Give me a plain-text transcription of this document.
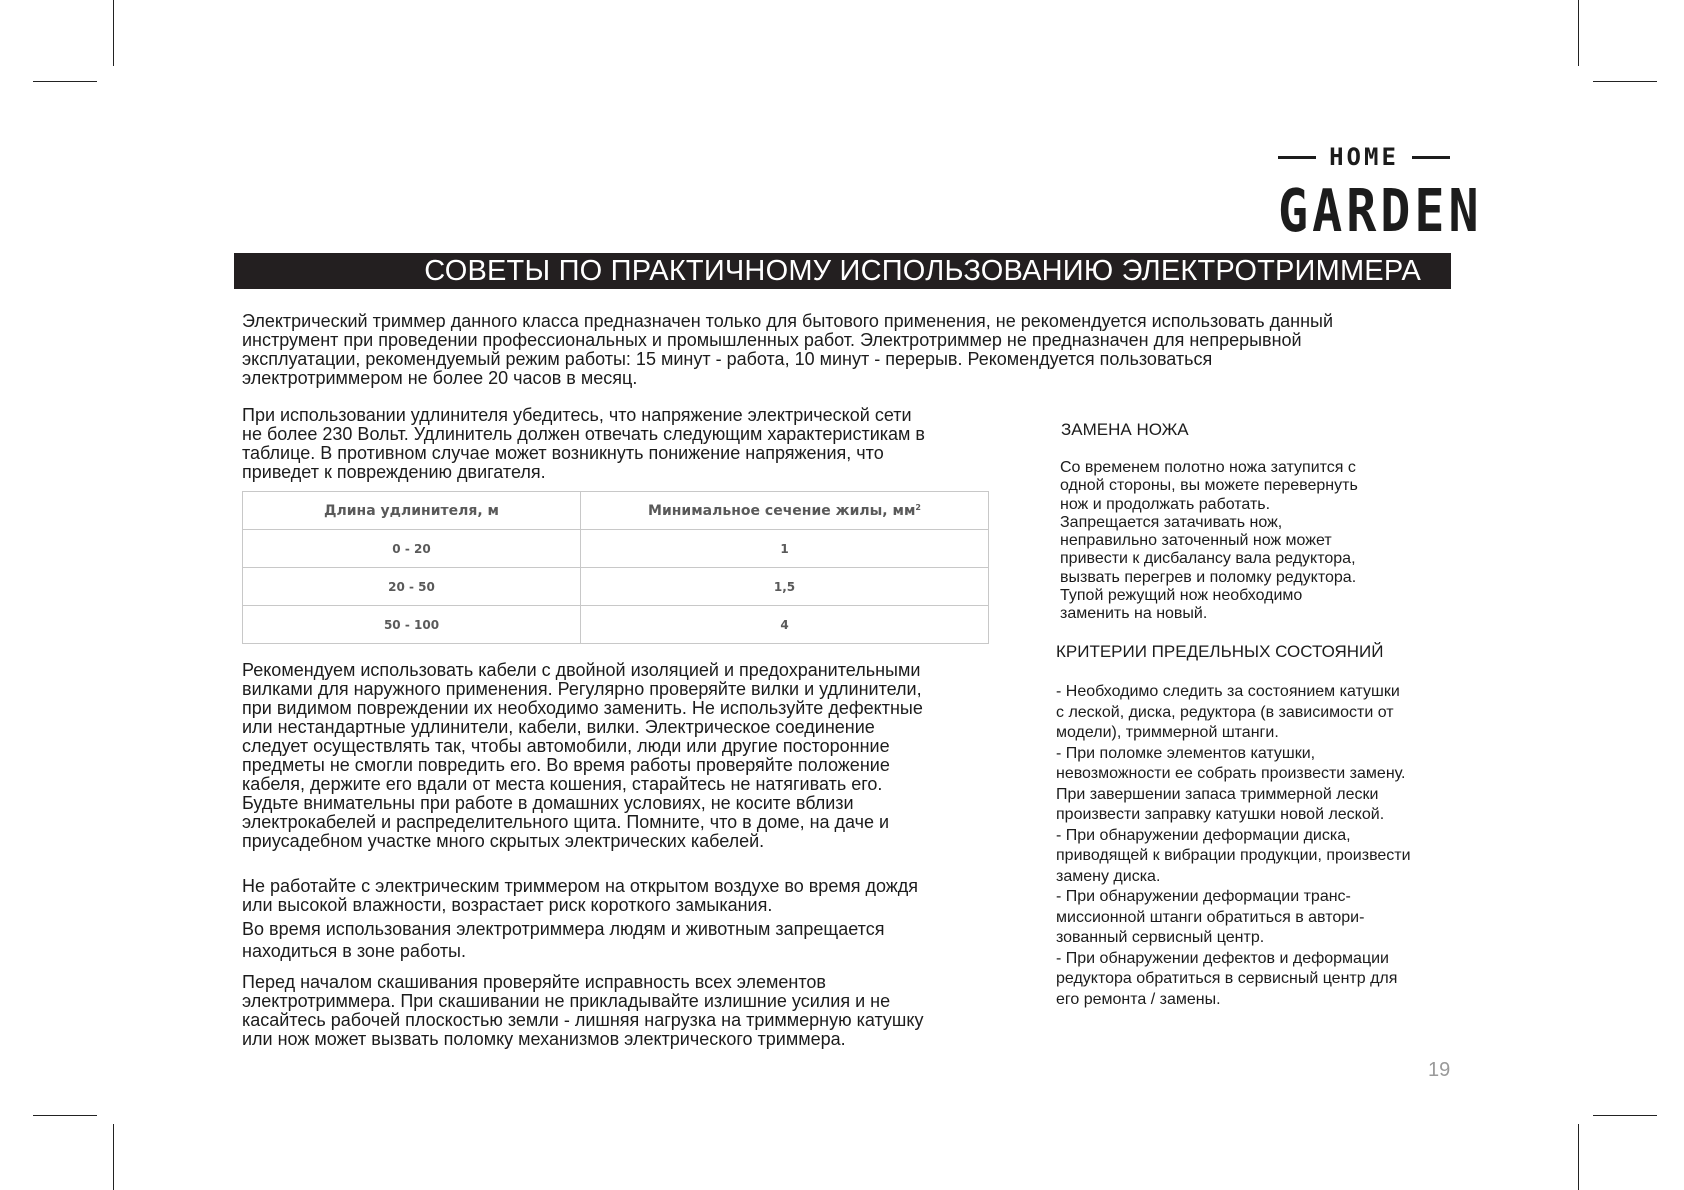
HOME
GARDEN
СОВЕТЫ ПО ПРАКТИЧНОМУ ИСПОЛЬЗОВАНИЮ ЭЛЕКТРОТРИММЕРА
Электрический триммер данного класса предназначен только для бытового применения, не рекомендуется использовать данный
инструмент при проведении профессиональных и промышленных работ. Электротриммер не предназначен для непрерывной
эксплуатации, рекомендуемый режим работы: 15 минут - работа, 10 минут - перерыв. Рекомендуется пользоваться
электротриммером не более 20 часов в месяц.
При использовании удлинителя убедитесь, что напряжение электрической сети
не более 230 Вольт. Удлинитель должен отвечать следующим характеристикам в
таблице. В противном случае может возникнуть понижение напряжения, что
приведет к повреждению двигателя.
Длина удлинителя, м	Минимальное сечение жилы, $мм^2$
0 - 20	1
20 - 50	1,5
50 - 100	4
Рекомендуем использовать кабели с двойной изоляцией и предохранительными
вилками для наружного применения. Регулярно проверяйте вилки и удлинители,
при видимом повреждении их необходимо заменить. Не используйте дефектные
или нестандартные удлинители, кабели, вилки. Электрическое соединение
следует осуществлять так, чтобы автомобили, люди или другие посторонние
предметы не смогли повредить его. Во время работы проверяйте положение
кабеля, держите его вдали от места кошения, старайтесь не натягивать его.
Будьте внимательны при работе в домашних условиях, не косите вблизи
электрокабелей и распределительного щита. Помните, что в доме, на даче и
приусадебном участке много скрытых электрических кабелей.
Не работайте с электрическим триммером на открытом воздухе во время дождя
или высокой влажности, возрастает риск короткого замыкания.
Во время использования электротриммера людям и животным запрещается
находиться в зоне работы.
Перед началом скашивания проверяйте исправность всех элементов
электротриммера. При скашивании не прикладывайте излишние усилия и не
касайтесь рабочей плоскостью земли - лишняя нагрузка на триммерную катушку
или нож может вызвать поломку механизмов электрического триммера.
ЗАМЕНА НОЖА
Со временем полотно ножа затупится с
одной стороны, вы можете перевернуть
нож и продолжать работать.
Запрещается затачивать нож,
неправильно заточенный нож может
привести к дисбалансу вала редуктора,
вызвать перегрев и поломку редуктора.
Тупой режущий нож необходимо
заменить на новый.
КРИТЕРИИ ПРЕДЕЛЬНЫХ СОСТОЯНИЙ
- Необходимо следить за состоянием катушки
с леской, диска, редуктора (в зависимости от
модели), триммерной штанги.
- При поломке элементов катушки,
невозможности ее собрать произвести замену.
При завершении запаса триммерной лески
произвести заправку катушки новой леской.
- При обнаружении деформации диска,
приводящей к вибрации продукции, произвести
замену диска.
- При обнаружении деформации транс-
миссионной штанги обратиться в автори-
зованный сервисный центр.
- При обнаружении дефектов и деформации
редуктора обратиться в сервисный центр для
его ремонта / замены.
19
